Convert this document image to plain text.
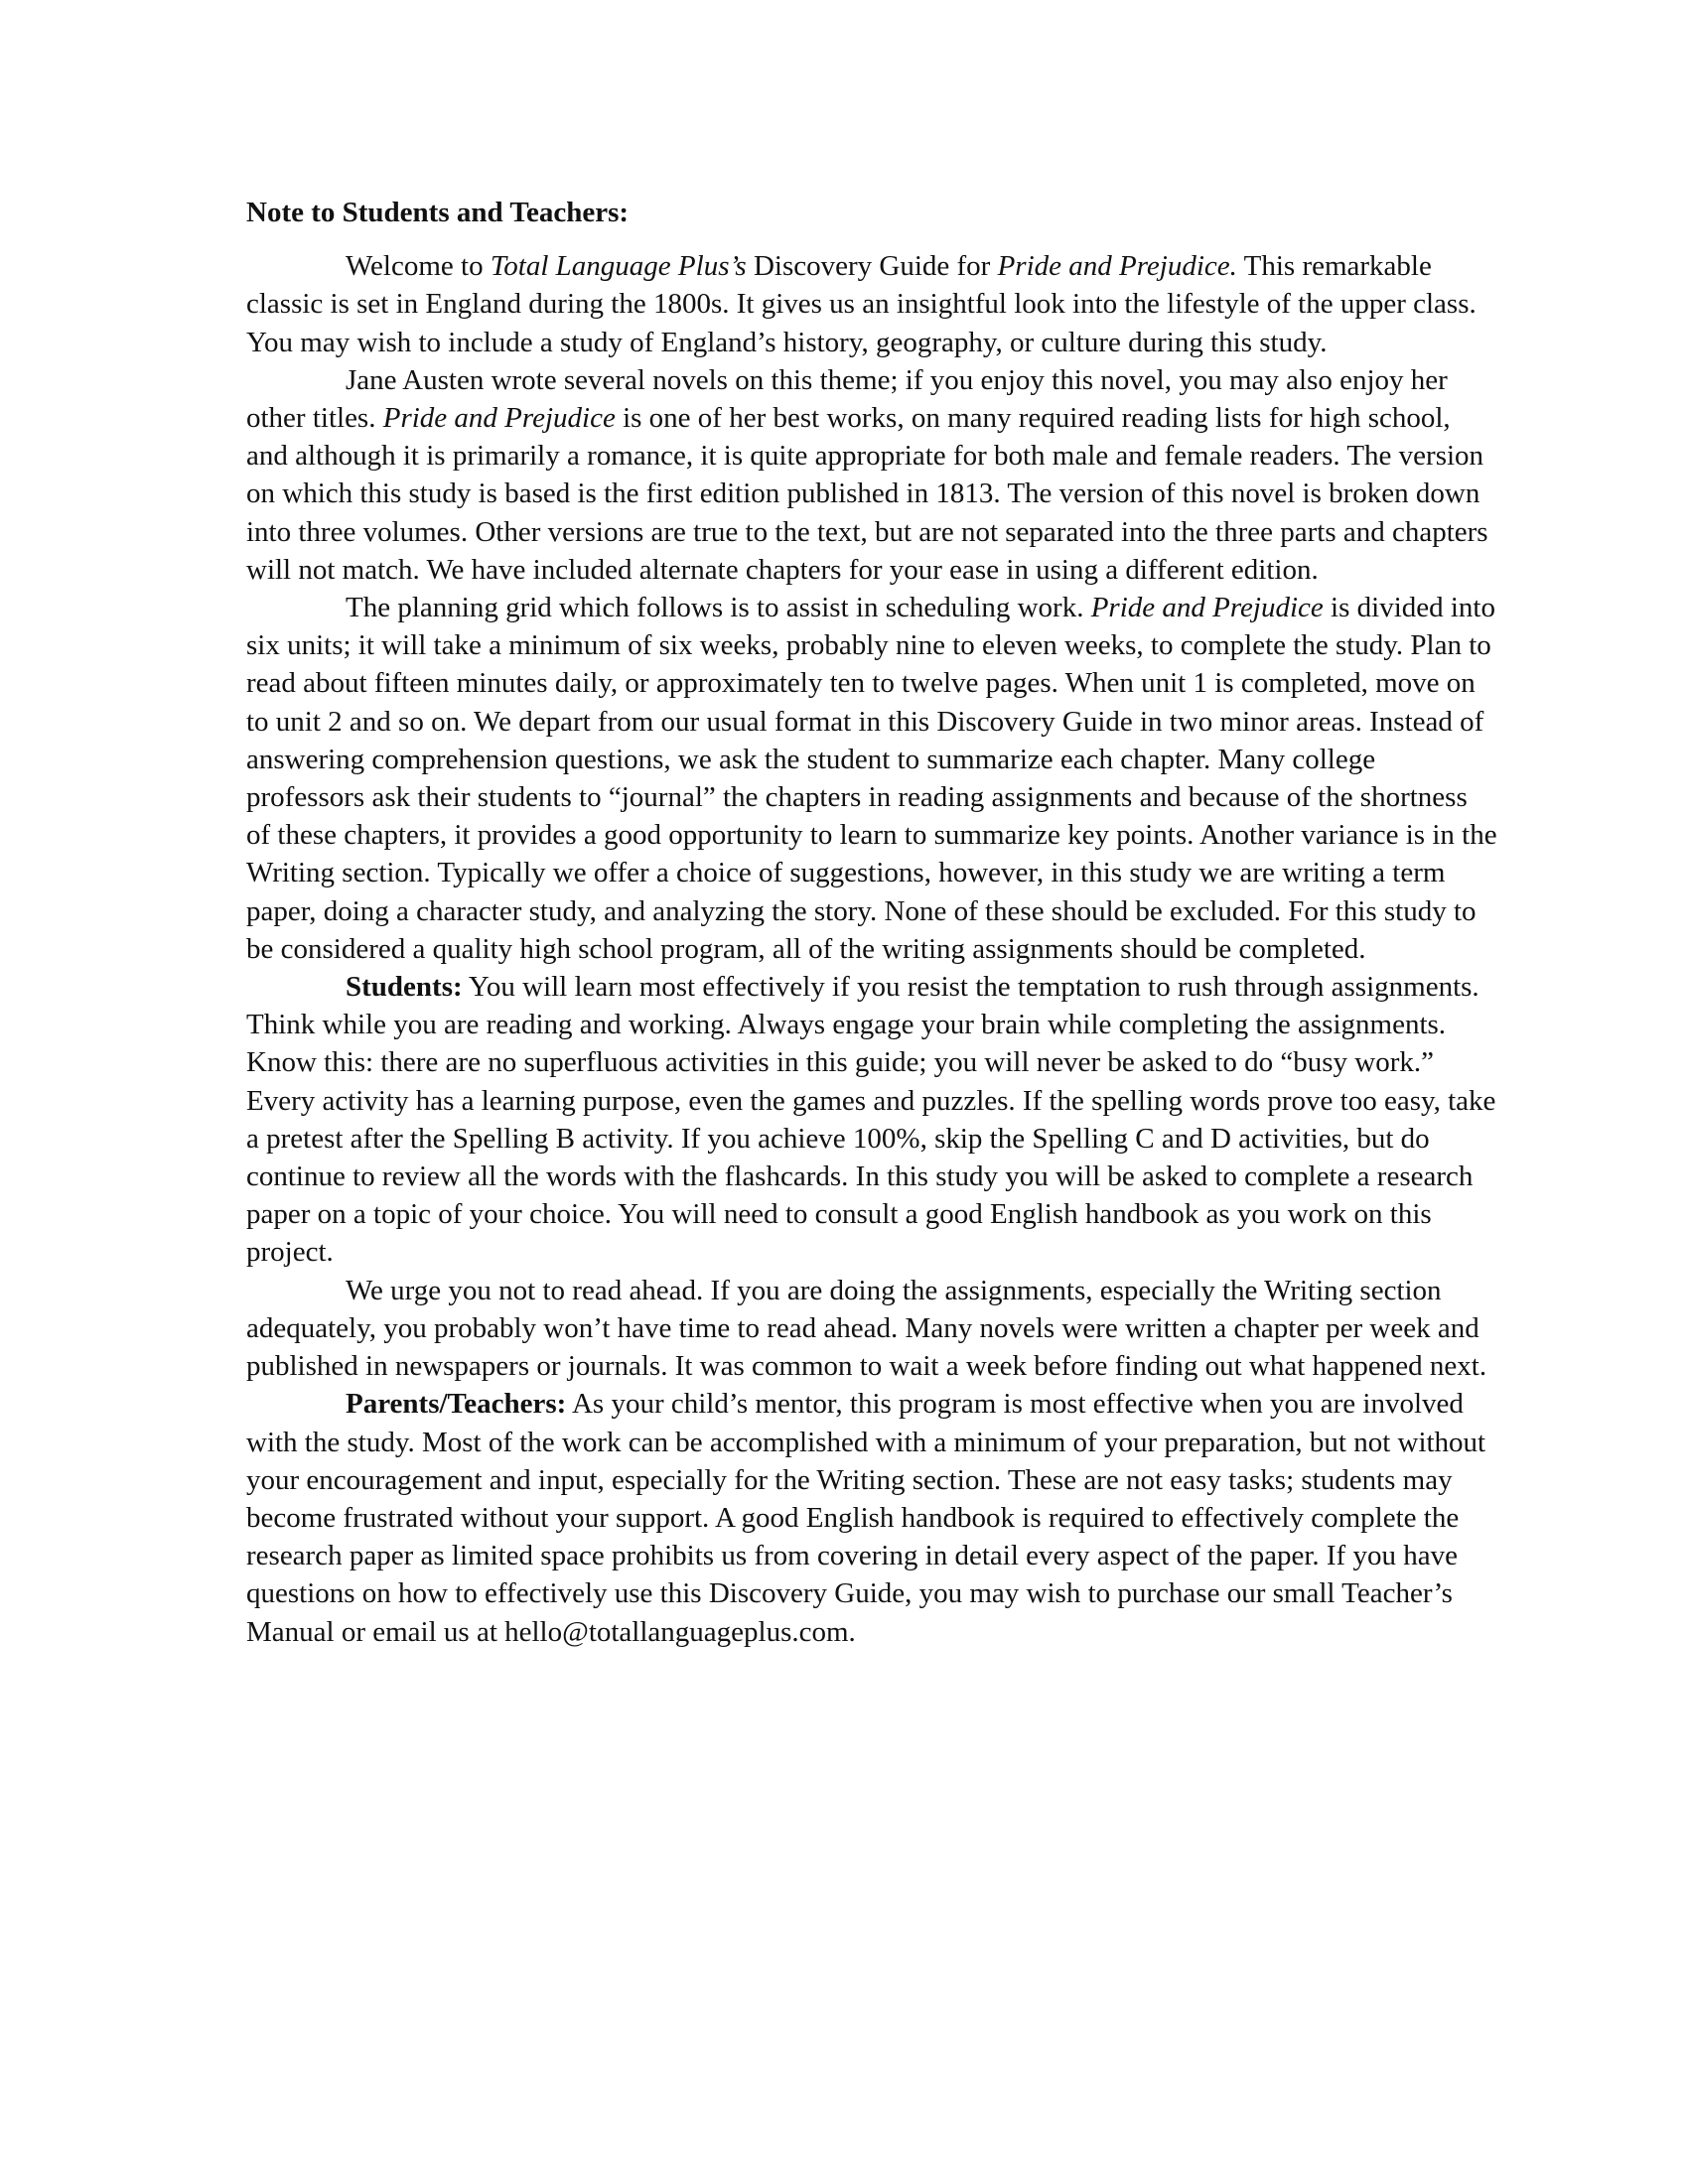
Note to Students and Teachers:

Welcome to Total Language Plus’s Discovery Guide for Pride and Prejudice. This remarkable classic is set in England during the 1800s. It gives us an insightful look into the lifestyle of the upper class. You may wish to include a study of England’s history, geography, or culture during this study.

Jane Austen wrote several novels on this theme; if you enjoy this novel, you may also enjoy her other titles. Pride and Prejudice is one of her best works, on many required reading lists for high school, and although it is primarily a romance, it is quite appropriate for both male and female readers. The version on which this study is based is the first edition published in 1813. The version of this novel is broken down into three volumes. Other versions are true to the text, but are not separated into the three parts and chapters will not match. We have included alternate chapters for your ease in using a different edition.

The planning grid which follows is to assist in scheduling work. Pride and Prejudice is divided into six units; it will take a minimum of six weeks, probably nine to eleven weeks, to complete the study. Plan to read about fifteen minutes daily, or approximately ten to twelve pages. When unit 1 is completed, move on to unit 2 and so on. We depart from our usual format in this Discovery Guide in two minor areas. Instead of answering comprehension questions, we ask the student to summarize each chapter. Many college professors ask their students to “journal” the chapters in reading assignments and because of the shortness of these chapters, it provides a good opportunity to learn to summarize key points. Another variance is in the Writing section. Typically we offer a choice of suggestions, however, in this study we are writing a term paper, doing a character study, and analyzing the story. None of these should be excluded. For this study to be considered a quality high school program, all of the writing assignments should be completed.

Students: You will learn most effectively if you resist the temptation to rush through assignments. Think while you are reading and working. Always engage your brain while completing the assignments. Know this: there are no superfluous activities in this guide; you will never be asked to do “busy work.” Every activity has a learning purpose, even the games and puzzles. If the spelling words prove too easy, take a pretest after the Spelling B activity. If you achieve 100%, skip the Spelling C and D activities, but do continue to review all the words with the flashcards. In this study you will be asked to complete a research paper on a topic of your choice. You will need to consult a good English handbook as you work on this project.

We urge you not to read ahead. If you are doing the assignments, especially the Writing section adequately, you probably won’t have time to read ahead. Many novels were written a chapter per week and published in newspapers or journals. It was common to wait a week before finding out what happened next.

Parents/Teachers: As your child’s mentor, this program is most effective when you are involved with the study. Most of the work can be accomplished with a minimum of your preparation, but not without your encouragement and input, especially for the Writing section. These are not easy tasks; students may become frustrated without your support. A good English handbook is required to effectively complete the research paper as limited space prohibits us from covering in detail every aspect of the paper. If you have questions on how to effectively use this Discovery Guide, you may wish to purchase our small Teacher’s Manual or email us at hello@totallanguageplus.com.
